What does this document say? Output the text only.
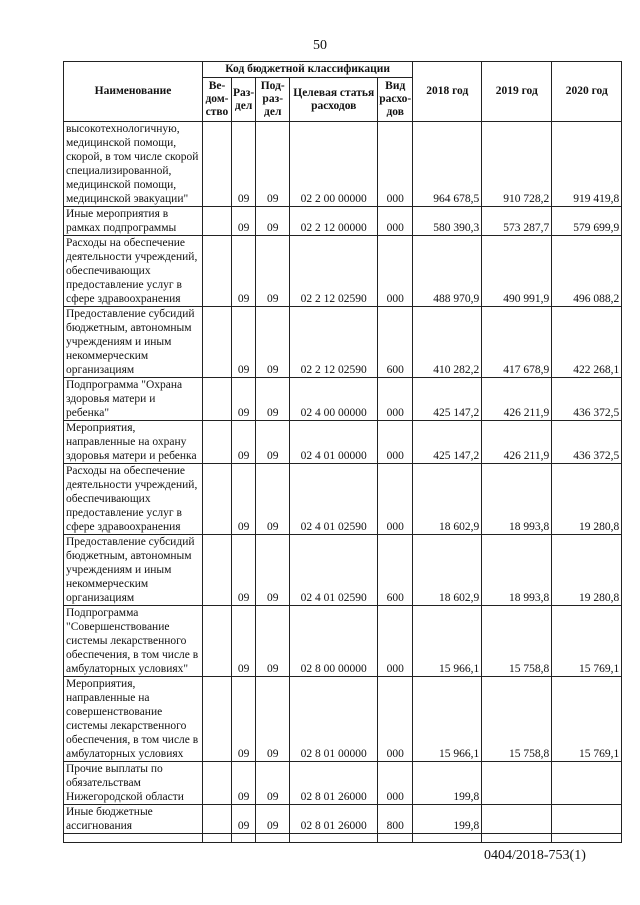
50
Наименование	Код бюджетной классификации					2018 год	2019 год	2020 год
	Ве-дом-ство	Раз-дел	Под-раз-дел	Целевая статья расходов	Вид расхо-дов			
высокотехнологичную, медицинской помощи, скорой, в том числе скорой специализированной, медицинской помощи, медицинской эвакуации"		09	09	02 2 00 00000	000	964 678,5	910 728,2	919 419,8
Иные мероприятия в рамках подпрограммы		09	09	02 2 12 00000	000	580 390,3	573 287,7	579 699,9
Расходы на обеспечение деятельности учреждений, обеспечивающих предоставление услуг в сфере здравоохранения		09	09	02 2 12 02590	000	488 970,9	490 991,9	496 088,2
Предоставление субсидий бюджетным, автономным учреждениям и иным некоммерческим организациям		09	09	02 2 12 02590	600	410 282,2	417 678,9	422 268,1
Подпрограмма "Охрана здоровья матери и ребенка"		09	09	02 4 00 00000	000	425 147,2	426 211,9	436 372,5
Мероприятия, направленные на охрану здоровья матери и ребенка		09	09	02 4 01 00000	000	425 147,2	426 211,9	436 372,5
Расходы на обеспечение деятельности учреждений, обеспечивающих предоставление услуг в сфере здравоохранения		09	09	02 4 01 02590	000	18 602,9	18 993,8	19 280,8
Предоставление субсидий бюджетным, автономным учреждениям и иным некоммерческим организациям		09	09	02 4 01 02590	600	18 602,9	18 993,8	19 280,8
Подпрограмма "Совершенствование системы лекарственного обеспечения, в том числе в амбулаторных условиях"		09	09	02 8 00 00000	000	15 966,1	15 758,8	15 769,1
Мероприятия, направленные на совершенствование системы лекарственного обеспечения, в том числе в амбулаторных условиях		09	09	02 8 01 00000	000	15 966,1	15 758,8	15 769,1
Прочие выплаты по обязательствам Нижегородской области		09	09	02 8 01 26000	000	199,8		
Иные бюджетные ассигнования		09	09	02 8 01 26000	800	199,8		

0404/2018-753(1)
